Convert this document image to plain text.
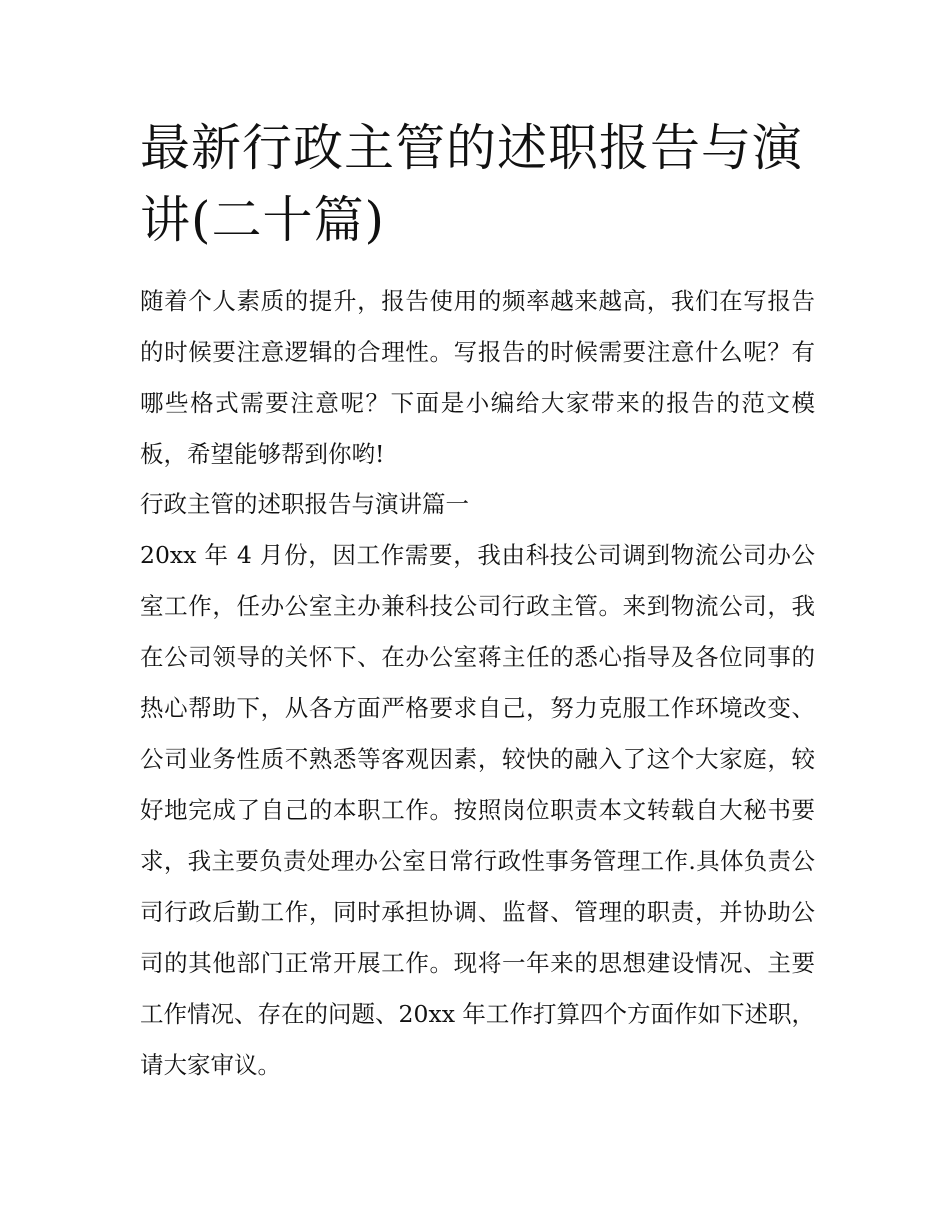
最新行政主管的述职报告与演讲(二十篇)

随着个人素质的提升，报告使用的频率越来越高，我们在写报告的时候要注意逻辑的合理性。写报告的时候需要注意什么呢？有哪些格式需要注意呢？下面是小编给大家带来的报告的范文模板，希望能够帮到你哟!

行政主管的述职报告与演讲篇一

20xx 年 4 月份，因工作需要，我由科技公司调到物流公司办公室工作，任办公室主办兼科技公司行政主管。来到物流公司，我在公司领导的关怀下、在办公室蒋主任的悉心指导及各位同事的热心帮助下，从各方面严格要求自己，努力克服工作环境改变、公司业务性质不熟悉等客观因素，较快的融入了这个大家庭，较好地完成了自己的本职工作。按照岗位职责本文转载自大秘书要求，我主要负责处理办公室日常行政性事务管理工作.具体负责公司行政后勤工作，同时承担协调、监督、管理的职责，并协助公司的其他部门正常开展工作。现将一年来的思想建设情况、主要工作情况、存在的问题、20xx 年工作打算四个方面作如下述职，请大家审议。
